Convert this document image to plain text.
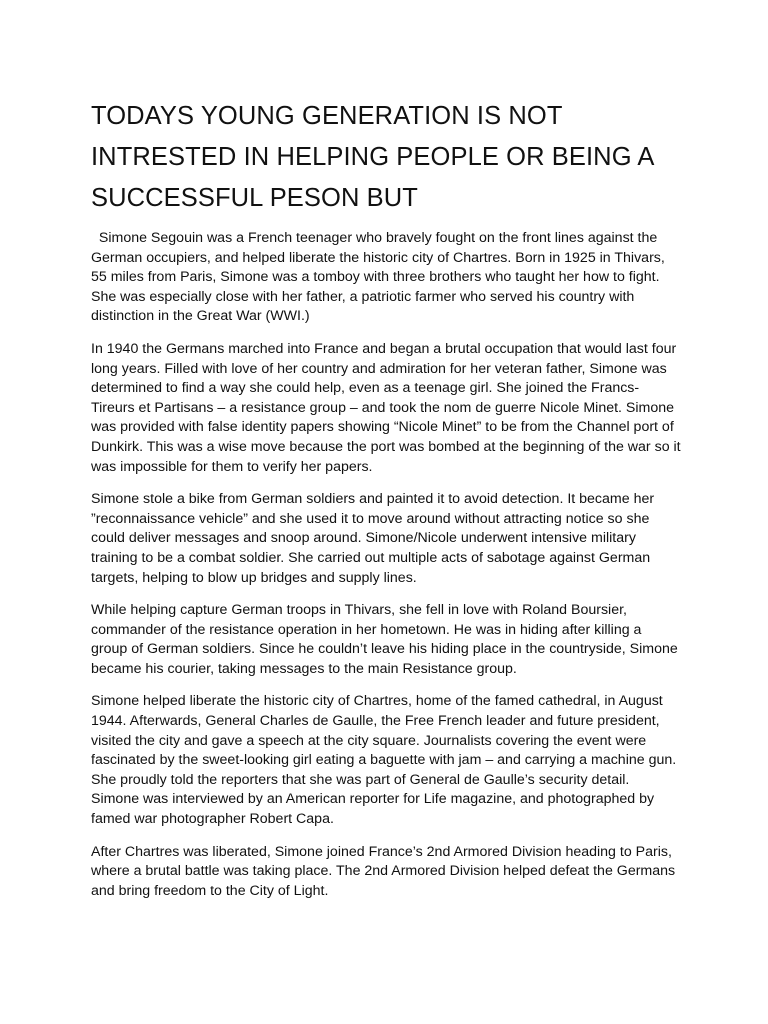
TODAYS YOUNG GENERATION IS NOT INTRESTED IN HELPING PEOPLE OR BEING A SUCCESSFUL PESON BUT

Simone Segouin was a French teenager who bravely fought on the front lines against the German occupiers, and helped liberate the historic city of Chartres. Born in 1925 in Thivars, 55 miles from Paris, Simone was a tomboy with three brothers who taught her how to fight. She was especially close with her father, a patriotic farmer who served his country with distinction in the Great War (WWI.)

In 1940 the Germans marched into France and began a brutal occupation that would last four long years. Filled with love of her country and admiration for her veteran father, Simone was determined to find a way she could help, even as a teenage girl. She joined the Francs-Tireurs et Partisans – a resistance group – and took the nom de guerre Nicole Minet. Simone was provided with false identity papers showing “Nicole Minet” to be from the Channel port of Dunkirk. This was a wise move because the port was bombed at the beginning of the war so it was impossible for them to verify her papers.

Simone stole a bike from German soldiers and painted it to avoid detection. It became her ”reconnaissance vehicle” and she used it to move around without attracting notice so she could deliver messages and snoop around. Simone/Nicole underwent intensive military training to be a combat soldier. She carried out multiple acts of sabotage against German targets, helping to blow up bridges and supply lines.

While helping capture German troops in Thivars, she fell in love with Roland Boursier, commander of the resistance operation in her hometown. He was in hiding after killing a group of German soldiers. Since he couldn’t leave his hiding place in the countryside, Simone became his courier, taking messages to the main Resistance group.

Simone helped liberate the historic city of Chartres, home of the famed cathedral, in August 1944. Afterwards, General Charles de Gaulle, the Free French leader and future president, visited the city and gave a speech at the city square. Journalists covering the event were fascinated by the sweet-looking girl eating a baguette with jam – and carrying a machine gun. She proudly told the reporters that she was part of General de Gaulle’s security detail. Simone was interviewed by an American reporter for Life magazine, and photographed by famed war photographer Robert Capa.

After Chartres was liberated, Simone joined France’s 2nd Armored Division heading to Paris, where a brutal battle was taking place. The 2nd Armored Division helped defeat the Germans and bring freedom to the City of Light.
